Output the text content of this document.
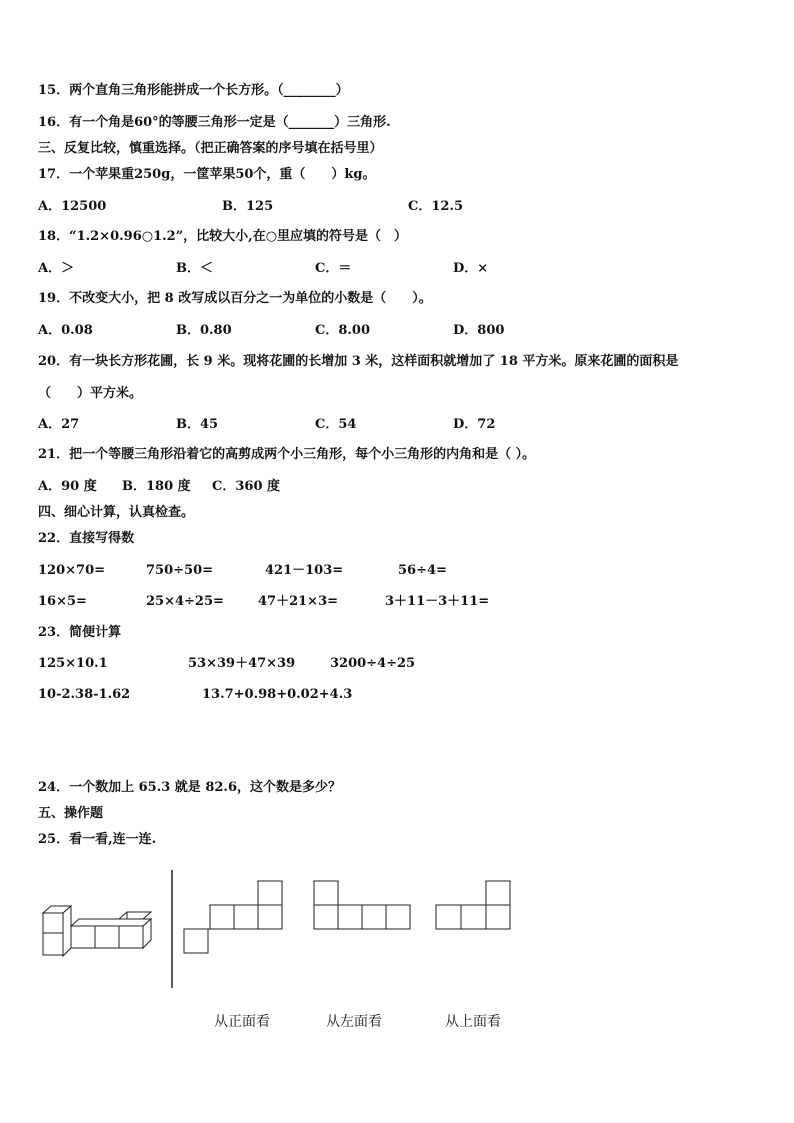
15．两个直角三角形能拼成一个长方形。（________）
16．有一个角是60°的等腰三角形一定是（_______）三角形.
三、反复比较，慎重选择。（把正确答案的序号填在括号里）
17．一个苹果重250g，一筐苹果50个，重（　　）kg。
A．12500	B．125	C．12.5
18．“1.2×0.96○1.2”，比较大小,在○里应填的符号是（　）
A．＞	B．＜	C．＝	D．×
19．不改变大小，把 8 改写成以百分之一为单位的小数是（　　）。
A．0.08	B．0.80	C．8.00	D．800
20．有一块长方形花圃，长 9 米。现将花圃的长增加 3 米，这样面积就增加了 18 平方米。原来花圃的面积是
（　　）平方米。
A．27	B．45	C．54	D．72
21．把一个等腰三角形沿着它的高剪成两个小三角形，每个小三角形的内角和是（ ）。
A．90 度 B．180 度 C．360 度
四、细心计算，认真检查。
22．直接写得数
120×70=	750÷50=	421－103=	56÷4=
16×5=	25×4÷25=	47＋21×3=	3＋11－3＋11=
23．简便计算
125×10.1	53×39＋47×39	3200÷4÷25
10-2.38-1.62	13.7+0.98+0.02+4.3
24．一个数加上 65.3 就是 82.6，这个数是多少？
五、操作题
25．看一看,连一连.
从正面看	从左面看	从上面看
